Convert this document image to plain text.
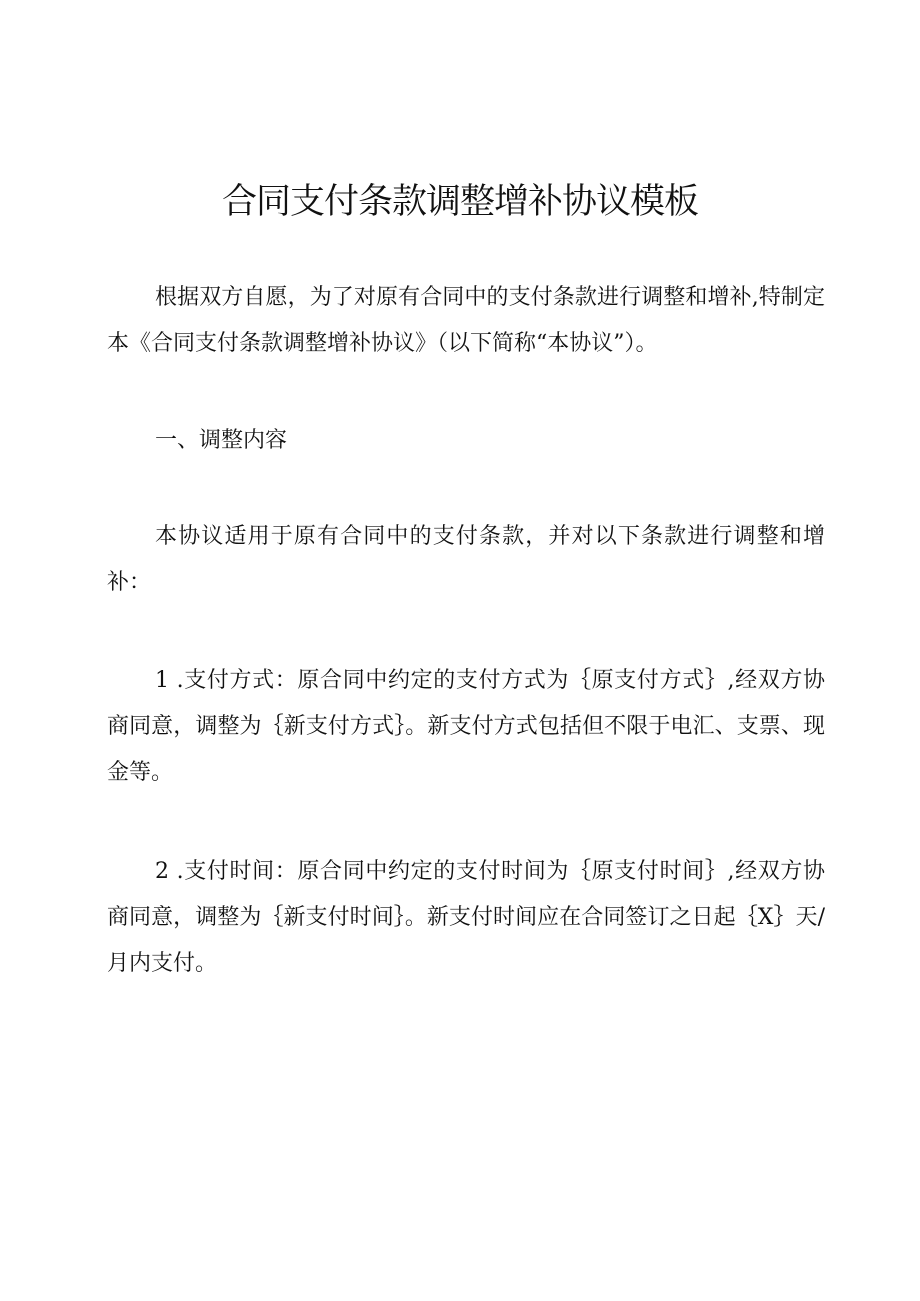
合同支付条款调整增补协议模板

根据双方自愿，为了对原有合同中的支付条款进行调整和增补,特制定本《合同支付条款调整增补协议》（以下简称“本协议”）。

一、调整内容

本协议适用于原有合同中的支付条款，并对以下条款进行调整和增补：

1 .支付方式：原合同中约定的支付方式为｛原支付方式｝,经双方协商同意，调整为｛新支付方式｝。新支付方式包括但不限于电汇、支票、现金等。

2 .支付时间：原合同中约定的支付时间为｛原支付时间｝,经双方协商同意，调整为｛新支付时间｝。新支付时间应在合同签订之日起｛X｝天/月内支付。
